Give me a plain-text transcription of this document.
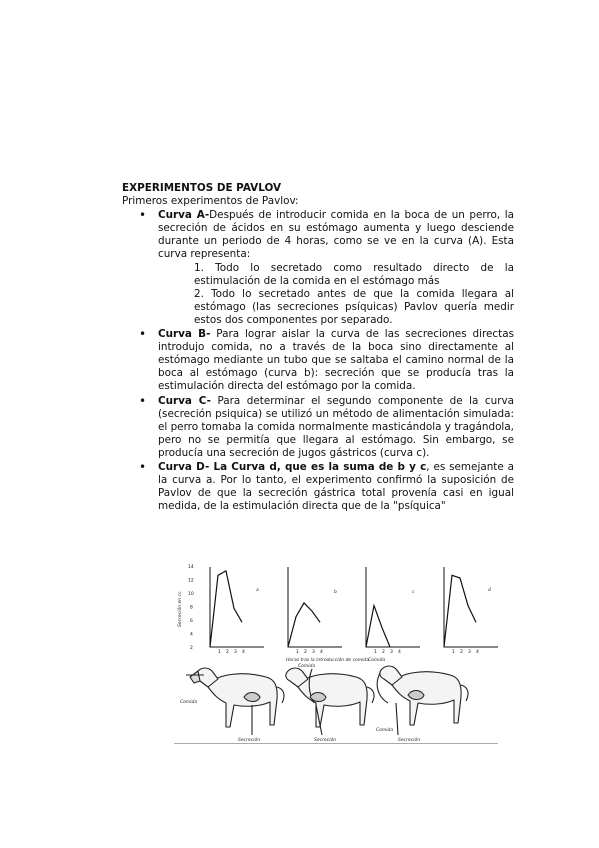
EXPERIMENTOS DE PAVLOV

Primeros experimentos de Pavlov:

• Curva A-Después de introducir comida en la boca de un perro, la secreción de ácidos en su estómago aumenta y luego desciende durante un periodo de 4 horas, como se ve en la curva (A). Esta curva representa:
1. Todo lo secretado como resultado directo de la estimulación de la comida en el estómago más
2. Todo lo secretado antes de que la comida llegara al estómago (las secreciones psíquicas) Pavlov quería medir estos dos componentes por separado.
• Curva B- Para lograr aislar la curva de las secreciones directas introdujo comida, no a través de la boca sino directamente al estómago mediante un tubo que se saltaba el camino normal de la boca al estómago (curva b): secreción que se producía tras la estimulación directa del estómago por la comida.
• Curva C- Para determinar el segundo componente de la curva (secreción psiquica) se utilizó un método de alimentación simulada: el perro tomaba la comida normalmente masticándola y tragándola, pero no se permitía que llegara al estómago. Sin embargo, se producía una secreción de jugos gástricos (curva c).
• Curva D- La Curva d, que es la suma de b y c, es semejante a la curva a. Por lo tanto, el experimento confirmó la suposición de Pavlov de que la secreción gástrica total provenía casi en igual medida, de la estimulación directa que de la "psíquica"
Secreción en cc.
14
12
10
8
6
4
2
1 2 3 4	1 2 3 4	1 2 3 4	1 2 3 4
Horas tras la introducción de comida
a	b	c	d
Comida
Secreción
Comida
Secreción
Comida
Comida
Secreción
